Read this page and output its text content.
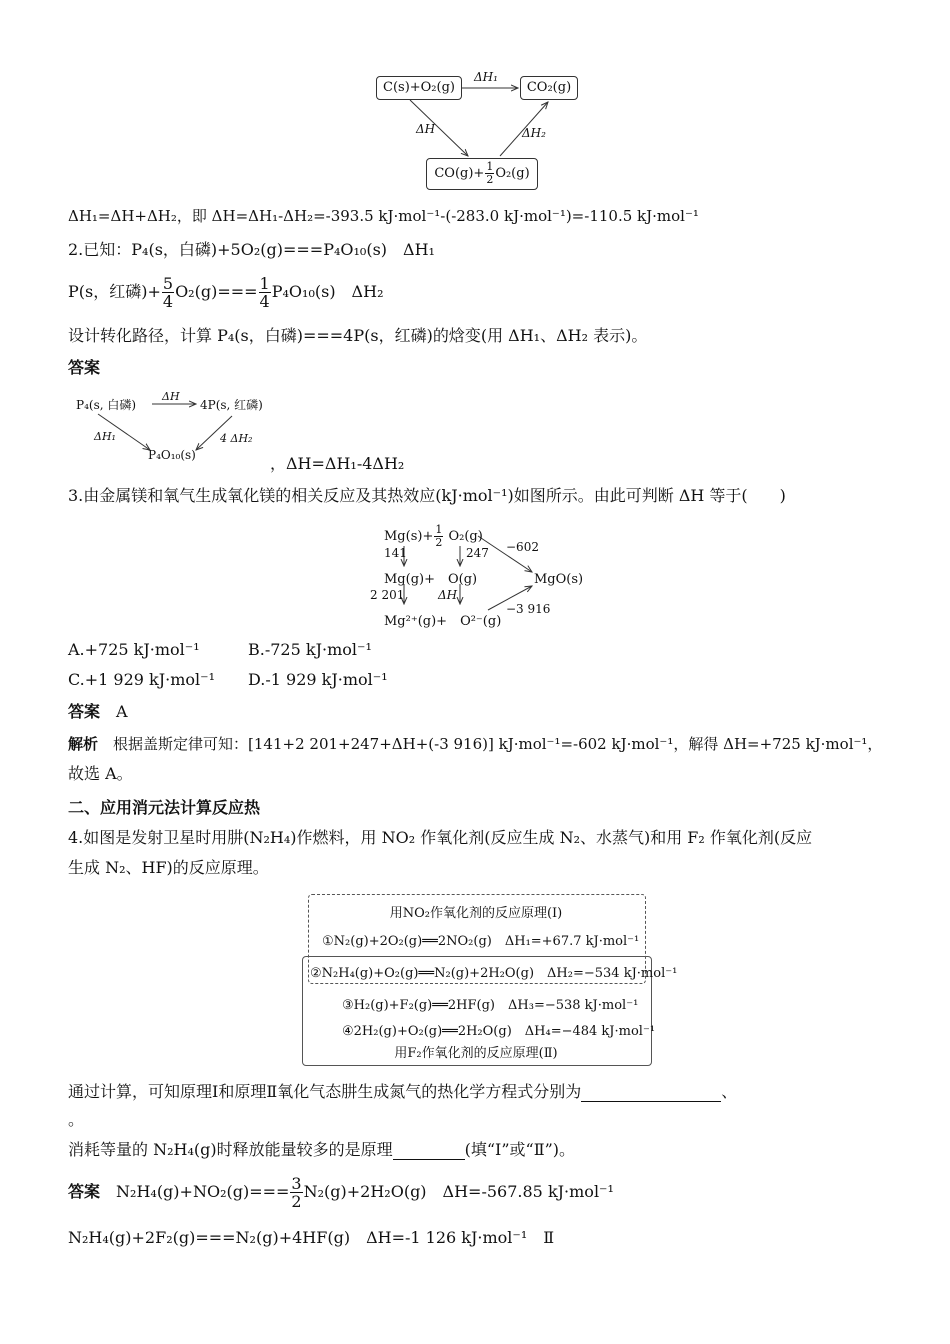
C(s)+O₂(g)	CO₂(g)
$CO(g)+ \frac{1}{2} O_2(g)$
ΔH₁
ΔH	ΔH₂
ΔH₁=ΔH+ΔH₂，即 ΔH=ΔH₁-ΔH₂=-393.5 kJ·mol⁻¹-(-283.0 kJ·mol⁻¹)=-110.5 kJ·mol⁻¹
2.已知：P₄(s，白磷)+5O₂(g)===P₄O₁₀(s)　ΔH₁
P(s，红磷)+ $\frac{5}{4} O_2(g)=== \frac{1}{4} P_4O_{10}(s)$　ΔH₂
设计转化路径，计算 P₄(s，白磷)===4P(s，红磷)的焓变(用 ΔH₁、ΔH₂ 表示)。
答案
P₄(s, 白磷)	4P(s, 红磷)
P₄O₁₀(s)
ΔH
ΔH₁	4 ΔH₂
，ΔH=ΔH₁-4ΔH₂
3.由金属镁和氧气生成氧化镁的相关反应及其热效应(kJ·mol⁻¹)如图所示。由此可判断 ΔH 等于(　　)
$Mg(s)+ \frac{1}{2} O_2(g)$
141	247 −602
Mg(g)+　O(g)
2 201	ΔH
Mg²⁺(g)+　O²⁻(g)
−3 916
MgO(s)
A.+725 kJ·mol⁻¹	B.-725 kJ·mol⁻¹
C.+1 929 kJ·mol⁻¹ D.-1 929 kJ·mol⁻¹
答案　 A
解析　 根据盖斯定律可知：[141+2 201+247+ΔH+(-3 916)] kJ·mol⁻¹=-602 kJ·mol⁻¹，解得 ΔH=+725 kJ·mol⁻¹，
故选 A。
二、应用消元法计算反应热
4.如图是发射卫星时用肼(N₂H₄)作燃料，用 NO₂ 作氧化剂(反应生成 N₂、水蒸气)和用 F₂ 作氧化剂(反应
生成 N₂、HF)的反应原理。
用NO₂作氧化剂的反应原理(Ⅰ)
①N₂(g)+2O₂(g)══2NO₂(g)　ΔH₁=+67.7 kJ·mol⁻¹
②N₂H₄(g)+O₂(g)══N₂(g)+2H₂O(g)　ΔH₂=−534 kJ·mol⁻¹
③H₂(g)+F₂(g)══2HF(g)　ΔH₃=−538 kJ·mol⁻¹
④2H₂(g)+O₂(g)══2H₂O(g)　ΔH₄=−484 kJ·mol⁻¹
用F₂作氧化剂的反应原理(Ⅱ)
通过计算，可知原理Ⅰ和原理Ⅱ氧化气态肼生成氮气的热化学方程式分别为	、
。
消耗等量的 N₂H₄(g)时释放能量较多的是原理	(填“Ⅰ”或“Ⅱ”)。
答案　 $N_2H_4(g)+NO_2(g)=== \frac{3}{2} N_2(g)+2H_2O(g)$　ΔH=-567.85 kJ·mol⁻¹
N₂H₄(g)+2F₂(g)===N₂(g)+4HF(g)　ΔH=-1 126 kJ·mol⁻¹　Ⅱ
